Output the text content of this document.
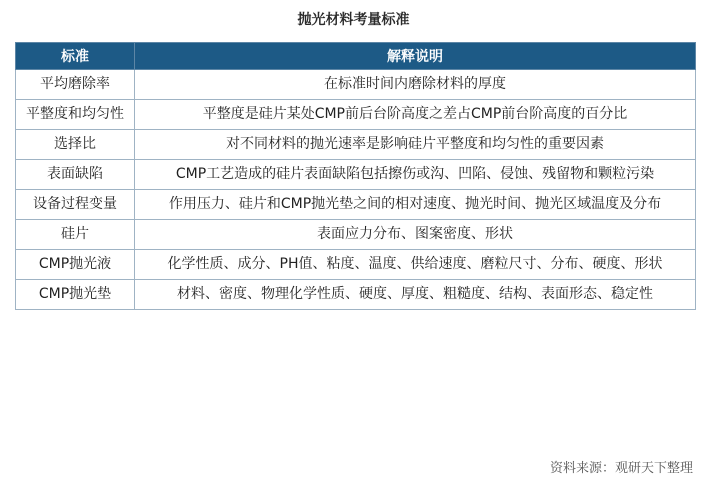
抛光材料考量标准
标准	解释说明
平均磨除率	在标准时间内磨除材料的厚度
平整度和均匀性	平整度是硅片某处CMP前后台阶高度之差占CMP前台阶高度的百分比
选择比	对不同材料的抛光速率是影响硅片平整度和均匀性的重要因素
表面缺陷	CMP工艺造成的硅片表面缺陷包括擦伤或沟、凹陷、侵蚀、残留物和颗粒污染
设备过程变量	作用压力、硅片和CMP抛光垫之间的相对速度、抛光时间、抛光区域温度及分布
硅片	表面应力分布、图案密度、形状
CMP抛光液	化学性质、成分、PH值、粘度、温度、供给速度、磨粒尺寸、分布、硬度、形状
CMP抛光垫	材料、密度、物理化学性质、硬度、厚度、粗糙度、结构、表面形态、稳定性
资料来源：观研天下整理
